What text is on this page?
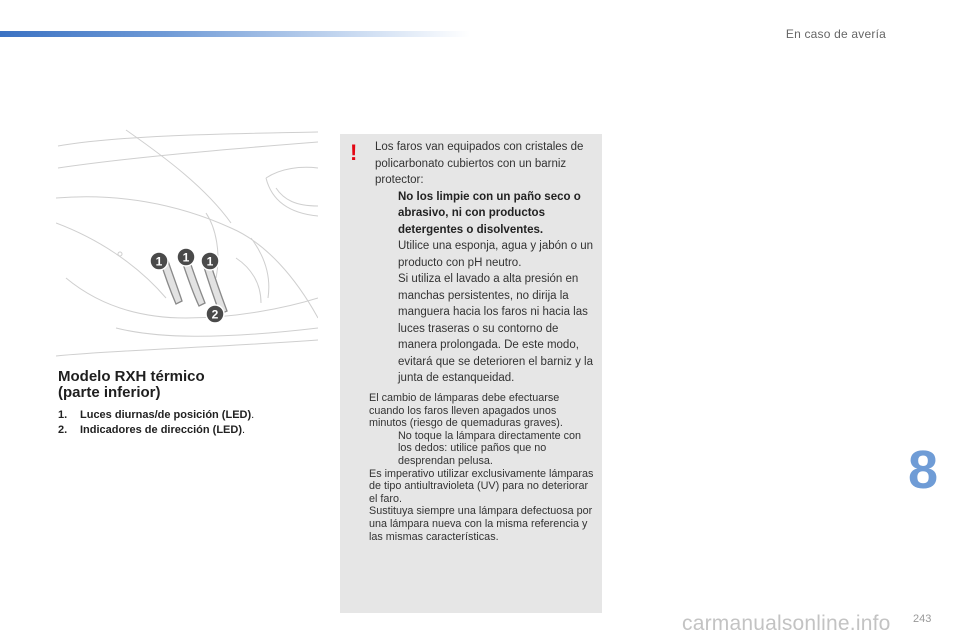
En caso de avería
1 1 1
2
Modelo RXH térmico
(parte inferior)
1. Luces diurnas/de posición (LED).
2. Indicadores de dirección (LED).
! Los faros van equipados con cristales de policarbonato cubiertos con un barniz protector:

No los limpie con un paño seco o abrasivo, ni con productos detergentes o disolventes.

Utilice una esponja, agua y jabón o un producto con pH neutro.

Si utiliza el lavado a alta presión en manchas persistentes, no dirija la manguera hacia los faros ni hacia las luces traseras o su contorno de manera prolongada. De este modo, evitará que se deterioren el barniz y la junta de estanqueidad.

El cambio de lámparas debe efectuarse cuando los faros lleven apagados unos minutos (riesgo de quemaduras graves).

No toque la lámpara directamente con los dedos: utilice paños que no desprendan pelusa.

Es imperativo utilizar exclusivamente lámparas de tipo antiultravioleta (UV) para no deteriorar el faro.

Sustituya siempre una lámpara defectuosa por una lámpara nueva con la misma referencia y las mismas características.

8
243
carmanualsonline.info
